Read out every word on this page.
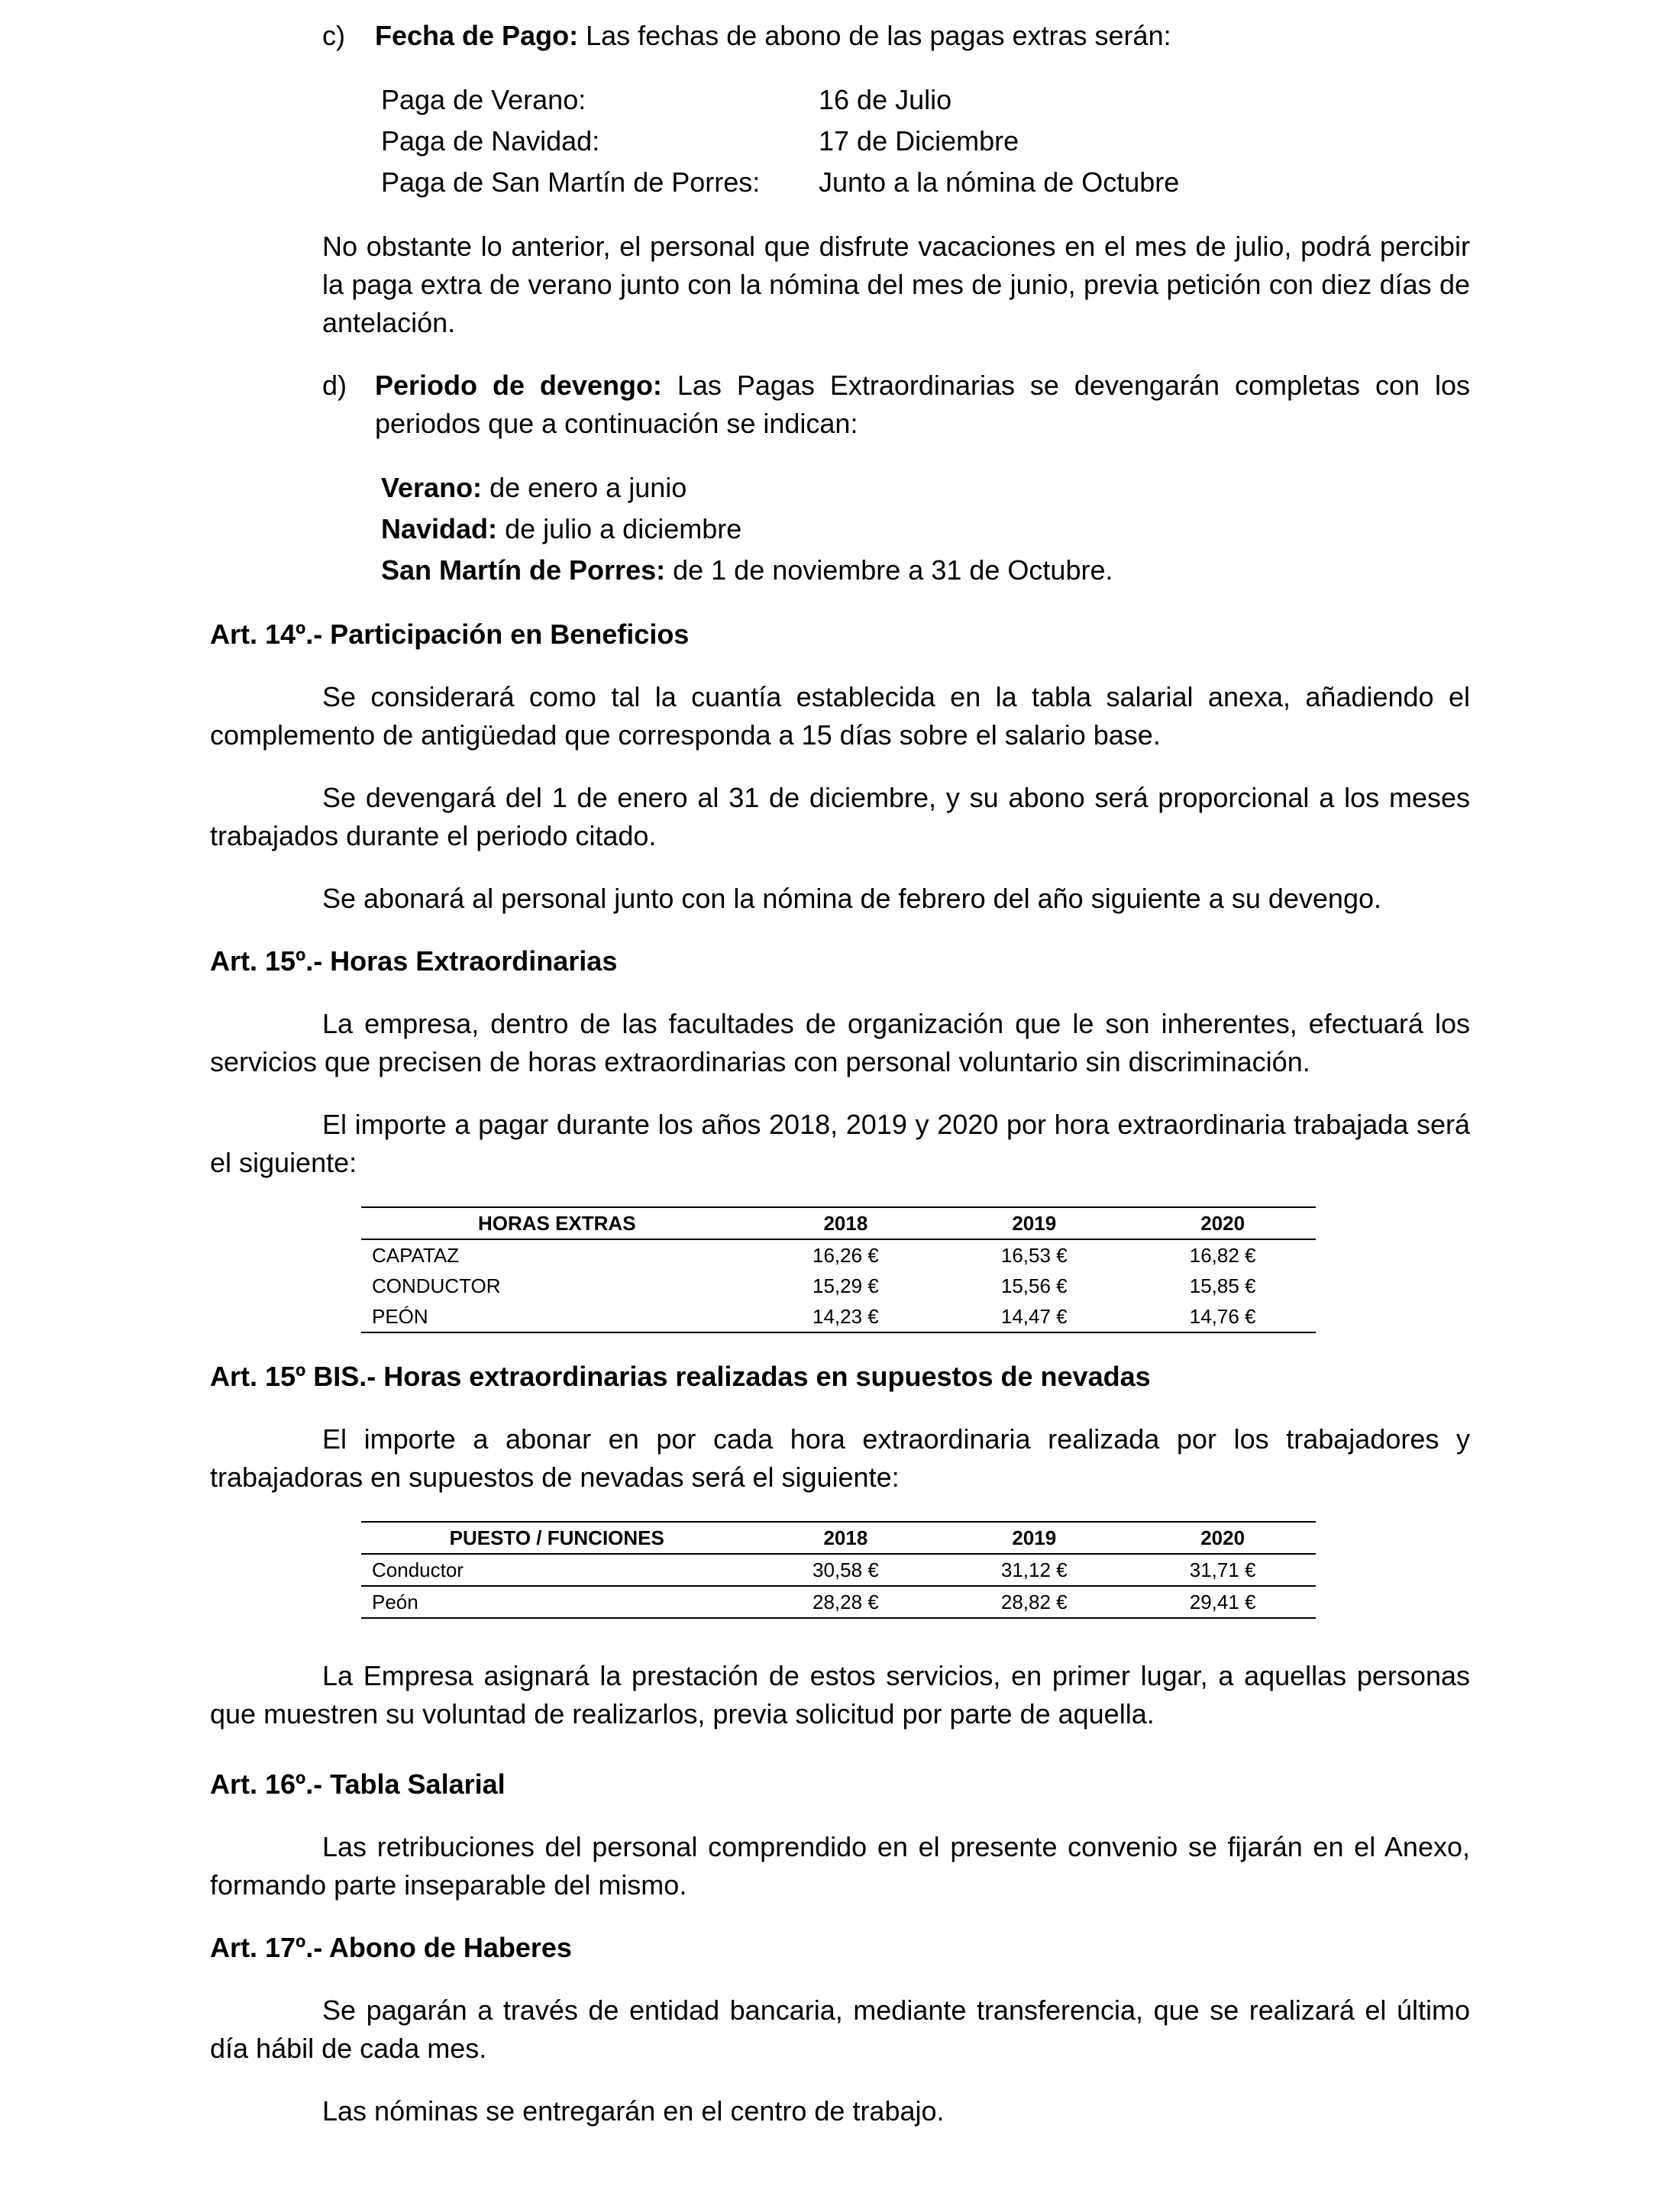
c)	Fecha de Pago: Las fechas de abono de las pagas extras serán:
Paga de Verano:	16 de Julio
Paga de Navidad:	17 de Diciembre
Paga de San Martín de Porres:	Junto a la nómina de Octubre

No obstante lo anterior, el personal que disfrute vacaciones en el mes de julio, podrá percibir la paga extra de verano junto con la nómina del mes de junio, previa petición con diez días de antelación.

d)	Periodo de devengo: Las Pagas Extraordinarias se devengarán completas con los periodos que a continuación se indican:
Verano: de enero a junio
Navidad: de julio a diciembre
San Martín de Porres: de 1 de noviembre a 31 de Octubre.
Art. 14º.- Participación en Beneficios

Se considerará como tal la cuantía establecida en la tabla salarial anexa, añadiendo el complemento de antigüedad que corresponda a 15 días sobre el salario base.

Se devengará del 1 de enero al 31 de diciembre, y su abono será proporcional a los meses trabajados durante el periodo citado.

Se abonará al personal junto con la nómina de febrero del año siguiente a su devengo.

Art. 15º.- Horas Extraordinarias

La empresa, dentro de las facultades de organización que le son inherentes, efectuará los servicios que precisen de horas extraordinarias con personal voluntario sin discriminación.

El importe a pagar durante los años 2018, 2019 y 2020 por hora extraordinaria trabajada será el siguiente:

HORAS EXTRAS	2018	2019	2020
CAPATAZ	16,26 €	16,53 €	16,82 €
CONDUCTOR	15,29 €	15,56 €	15,85 €
PEÓN	14,23 €	14,47 €	14,76 €
Art. 15º BIS.- Horas extraordinarias realizadas en supuestos de nevadas

El importe a abonar en por cada hora extraordinaria realizada por los trabajadores y trabajadoras en supuestos de nevadas será el siguiente:

PUESTO / FUNCIONES	2018	2019	2020
Conductor	30,58 €	31,12 €	31,71 €
Peón	28,28 €	28,82 €	29,41 €

La Empresa asignará la prestación de estos servicios, en primer lugar, a aquellas personas que muestren su voluntad de realizarlos, previa solicitud por parte de aquella.

Art. 16º.- Tabla Salarial

Las retribuciones del personal comprendido en el presente convenio se fijarán en el Anexo, formando parte inseparable del mismo.

Art. 17º.- Abono de Haberes

Se pagarán a través de entidad bancaria, mediante transferencia, que se realizará el último día hábil de cada mes.

Las nóminas se entregarán en el centro de trabajo.
